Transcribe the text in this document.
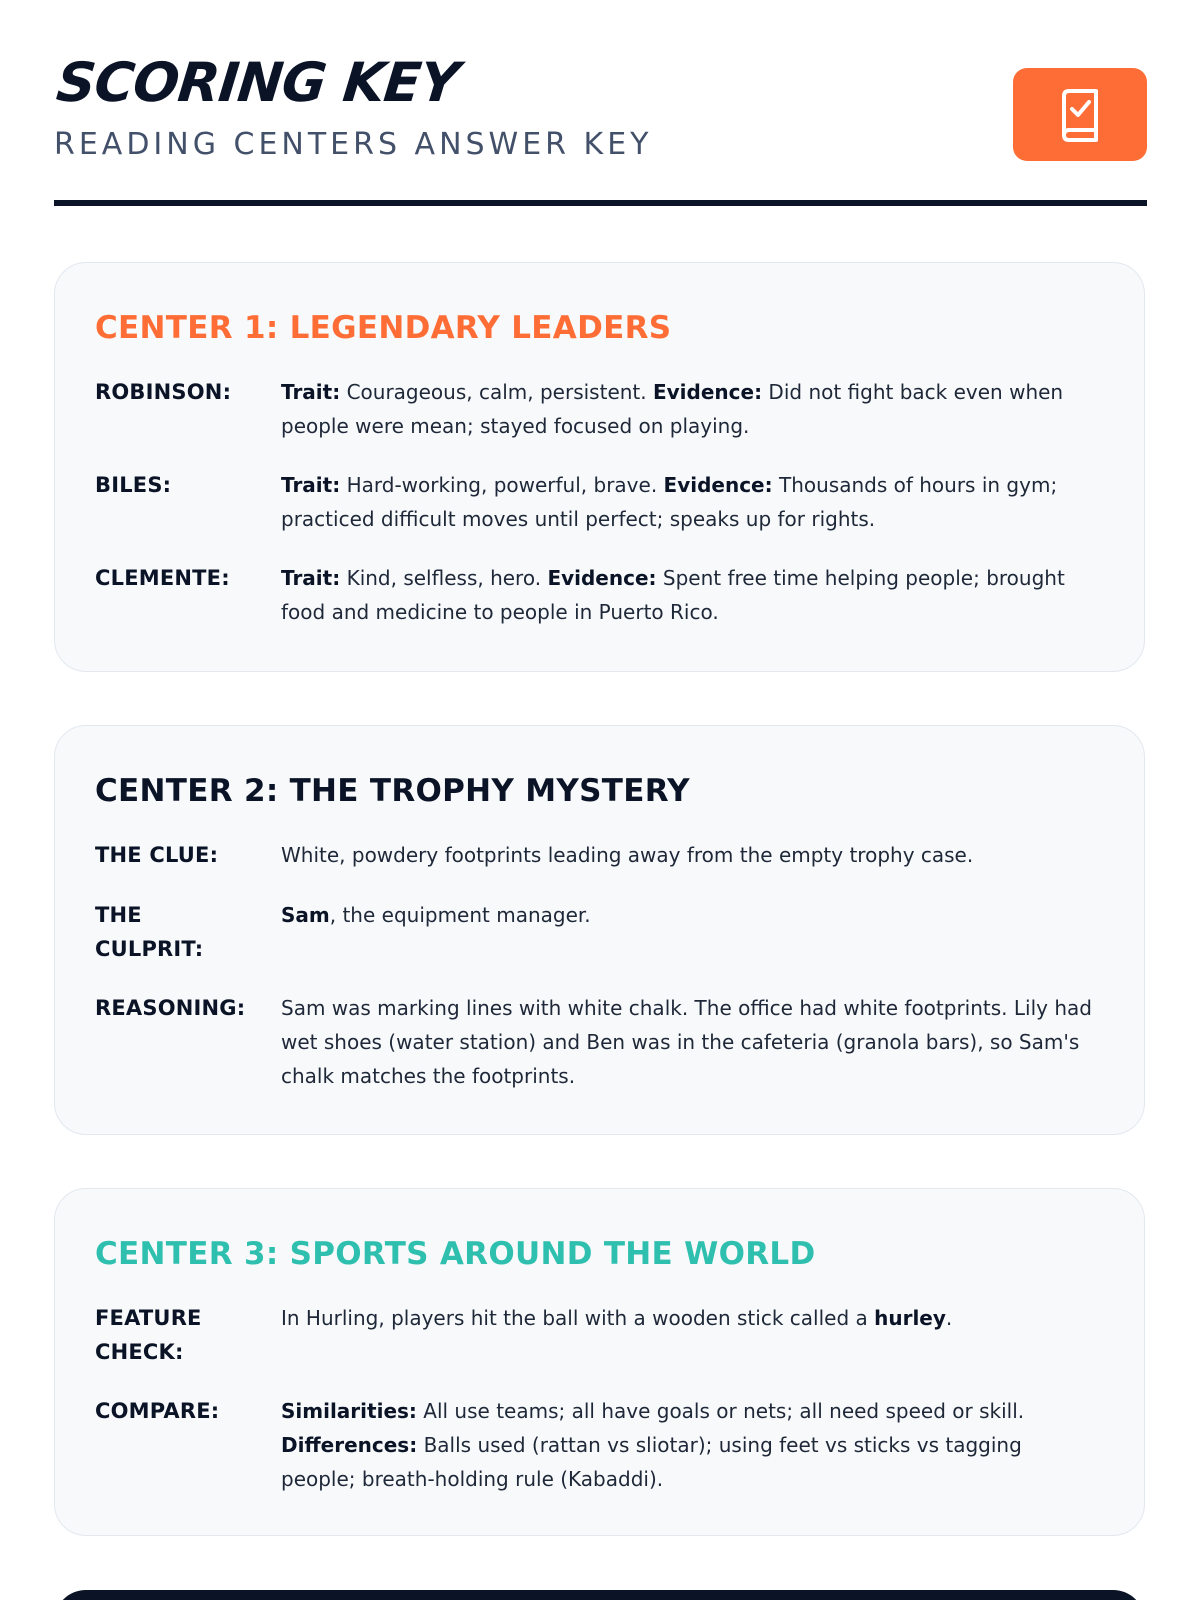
SCORING KEY
READING CENTERS ANSWER KEY
CENTER 1: LEGENDARY LEADERS
ROBINSON:	Trait: Courageous, calm, persistent. Evidence: Did not fight back even when people were mean; stayed focused on playing.
BILES:	Trait: Hard-working, powerful, brave. Evidence: Thousands of hours in gym; practiced difficult moves until perfect; speaks up for rights.
CLEMENTE:	Trait: Kind, selfless, hero. Evidence: Spent free time helping people; brought food and medicine to people in Puerto Rico.
CENTER 2: THE TROPHY MYSTERY
THE CLUE:	White, powdery footprints leading away from the empty trophy case.
THE CULPRIT:
Sam, the equipment manager.
REASONING:	Sam was marking lines with white chalk. The office had white footprints. Lily had wet shoes (water station) and Ben was in the cafeteria (granola bars), so Sam's chalk matches the footprints.
CENTER 3: SPORTS AROUND THE WORLD
FEATURE CHECK:
In Hurling, players hit the ball with a wooden stick called a hurley.
COMPARE:	Similarities: All use teams; all have goals or nets; all need speed or skill.
Differences: Balls used (rattan vs sliotar); using feet vs sticks vs tagging people; breath-holding rule (Kabaddi).
